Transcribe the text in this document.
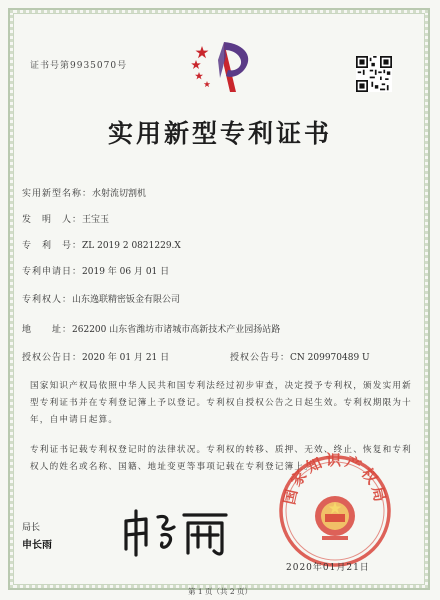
证书号第9935070号
实用新型专利证书
实用新型名称：水射流切割机
发　明　人：王宝玉
专　利　号：ZL 2019 2 0821229.X
专利申请日：2019 年 06 月 01 日
专利权人：山东逸联精密钣金有限公司
地　　址：262200 山东省潍坊市诸城市高新技术产业园扬站路
授权公告日：2020 年 01 月 21 日	授权公告号：CN 209970489 U
国家知识产权局依照中华人民共和国专利法经过初步审查，决定授予专利权，颁发实用新型专利证书并在专利登记簿上予以登记。专利权自授权公告之日起生效。专利权期限为十年，自申请日起算。
专利证书记载专利权登记时的法律状况。专利权的转移、质押、无效、终止、恢复和专利权人的姓名或名称、国籍、地址变更等事项记载在专利登记簿上。
局长
申长雨
国家知识产权局
2020年01月21日
第 1 页（共 2 页）
